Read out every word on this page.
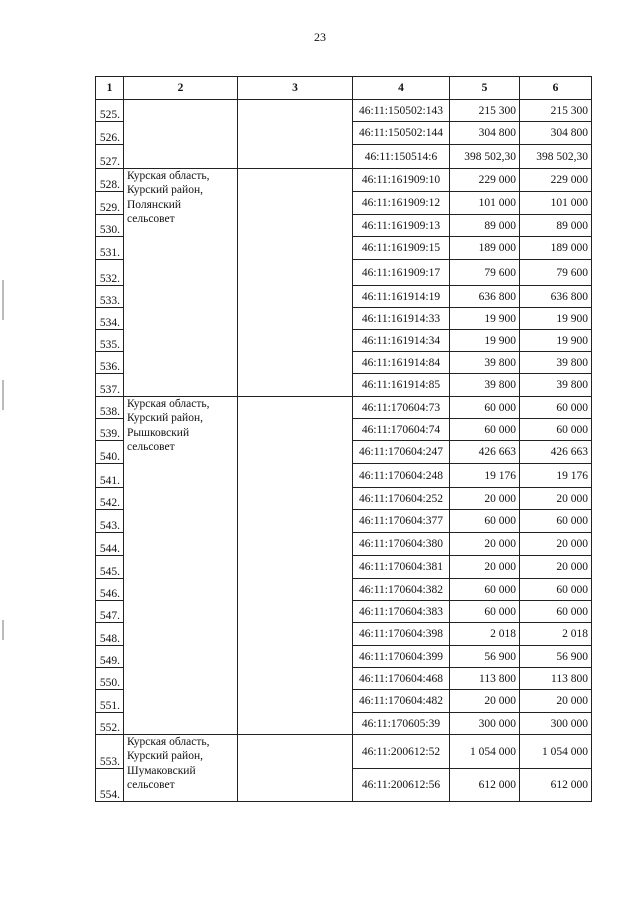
23
1	2	3	4	5	6
525.			46:11:150502:143	215 300	215 300
526.			46:11:150502:144	304 800	304 800
527.			46:11:150514:6	398 502,30	398 502,30
528.	Курская область,
Курский район,
Полянский
сельсовет		46:11:161909:10	229 000	229 000
529.			46:11:161909:12	101 000	101 000
530.			46:11:161909:13	89 000	89 000
531.			46:11:161909:15	189 000	189 000
532.			46:11:161909:17	79 600	79 600
533.			46:11:161914:19	636 800	636 800
534.			46:11:161914:33	19 900	19 900
535.			46:11:161914:34	19 900	19 900
536.			46:11:161914:84	39 800	39 800
537.			46:11:161914:85	39 800	39 800
538.	Курская область,
Курский район,
Рышковский
сельсовет		46:11:170604:73	60 000	60 000
539.			46:11:170604:74	60 000	60 000
540.			46:11:170604:247	426 663	426 663
541.			46:11:170604:248	19 176	19 176
542.			46:11:170604:252	20 000	20 000
543.			46:11:170604:377	60 000	60 000
544.			46:11:170604:380	20 000	20 000
545.			46:11:170604:381	20 000	20 000
546.			46:11:170604:382	60 000	60 000
547.			46:11:170604:383	60 000	60 000
548.			46:11:170604:398	2 018	2 018
549.			46:11:170604:399	56 900	56 900
550.			46:11:170604:468	113 800	113 800
551.			46:11:170604:482	20 000	20 000
552.			46:11:170605:39	300 000	300 000
553.	Курская область,
Курский район,
Шумаковский
сельсовет		46:11:200612:52	1 054 000	1 054 000
554.			46:11:200612:56	612 000	612 000
